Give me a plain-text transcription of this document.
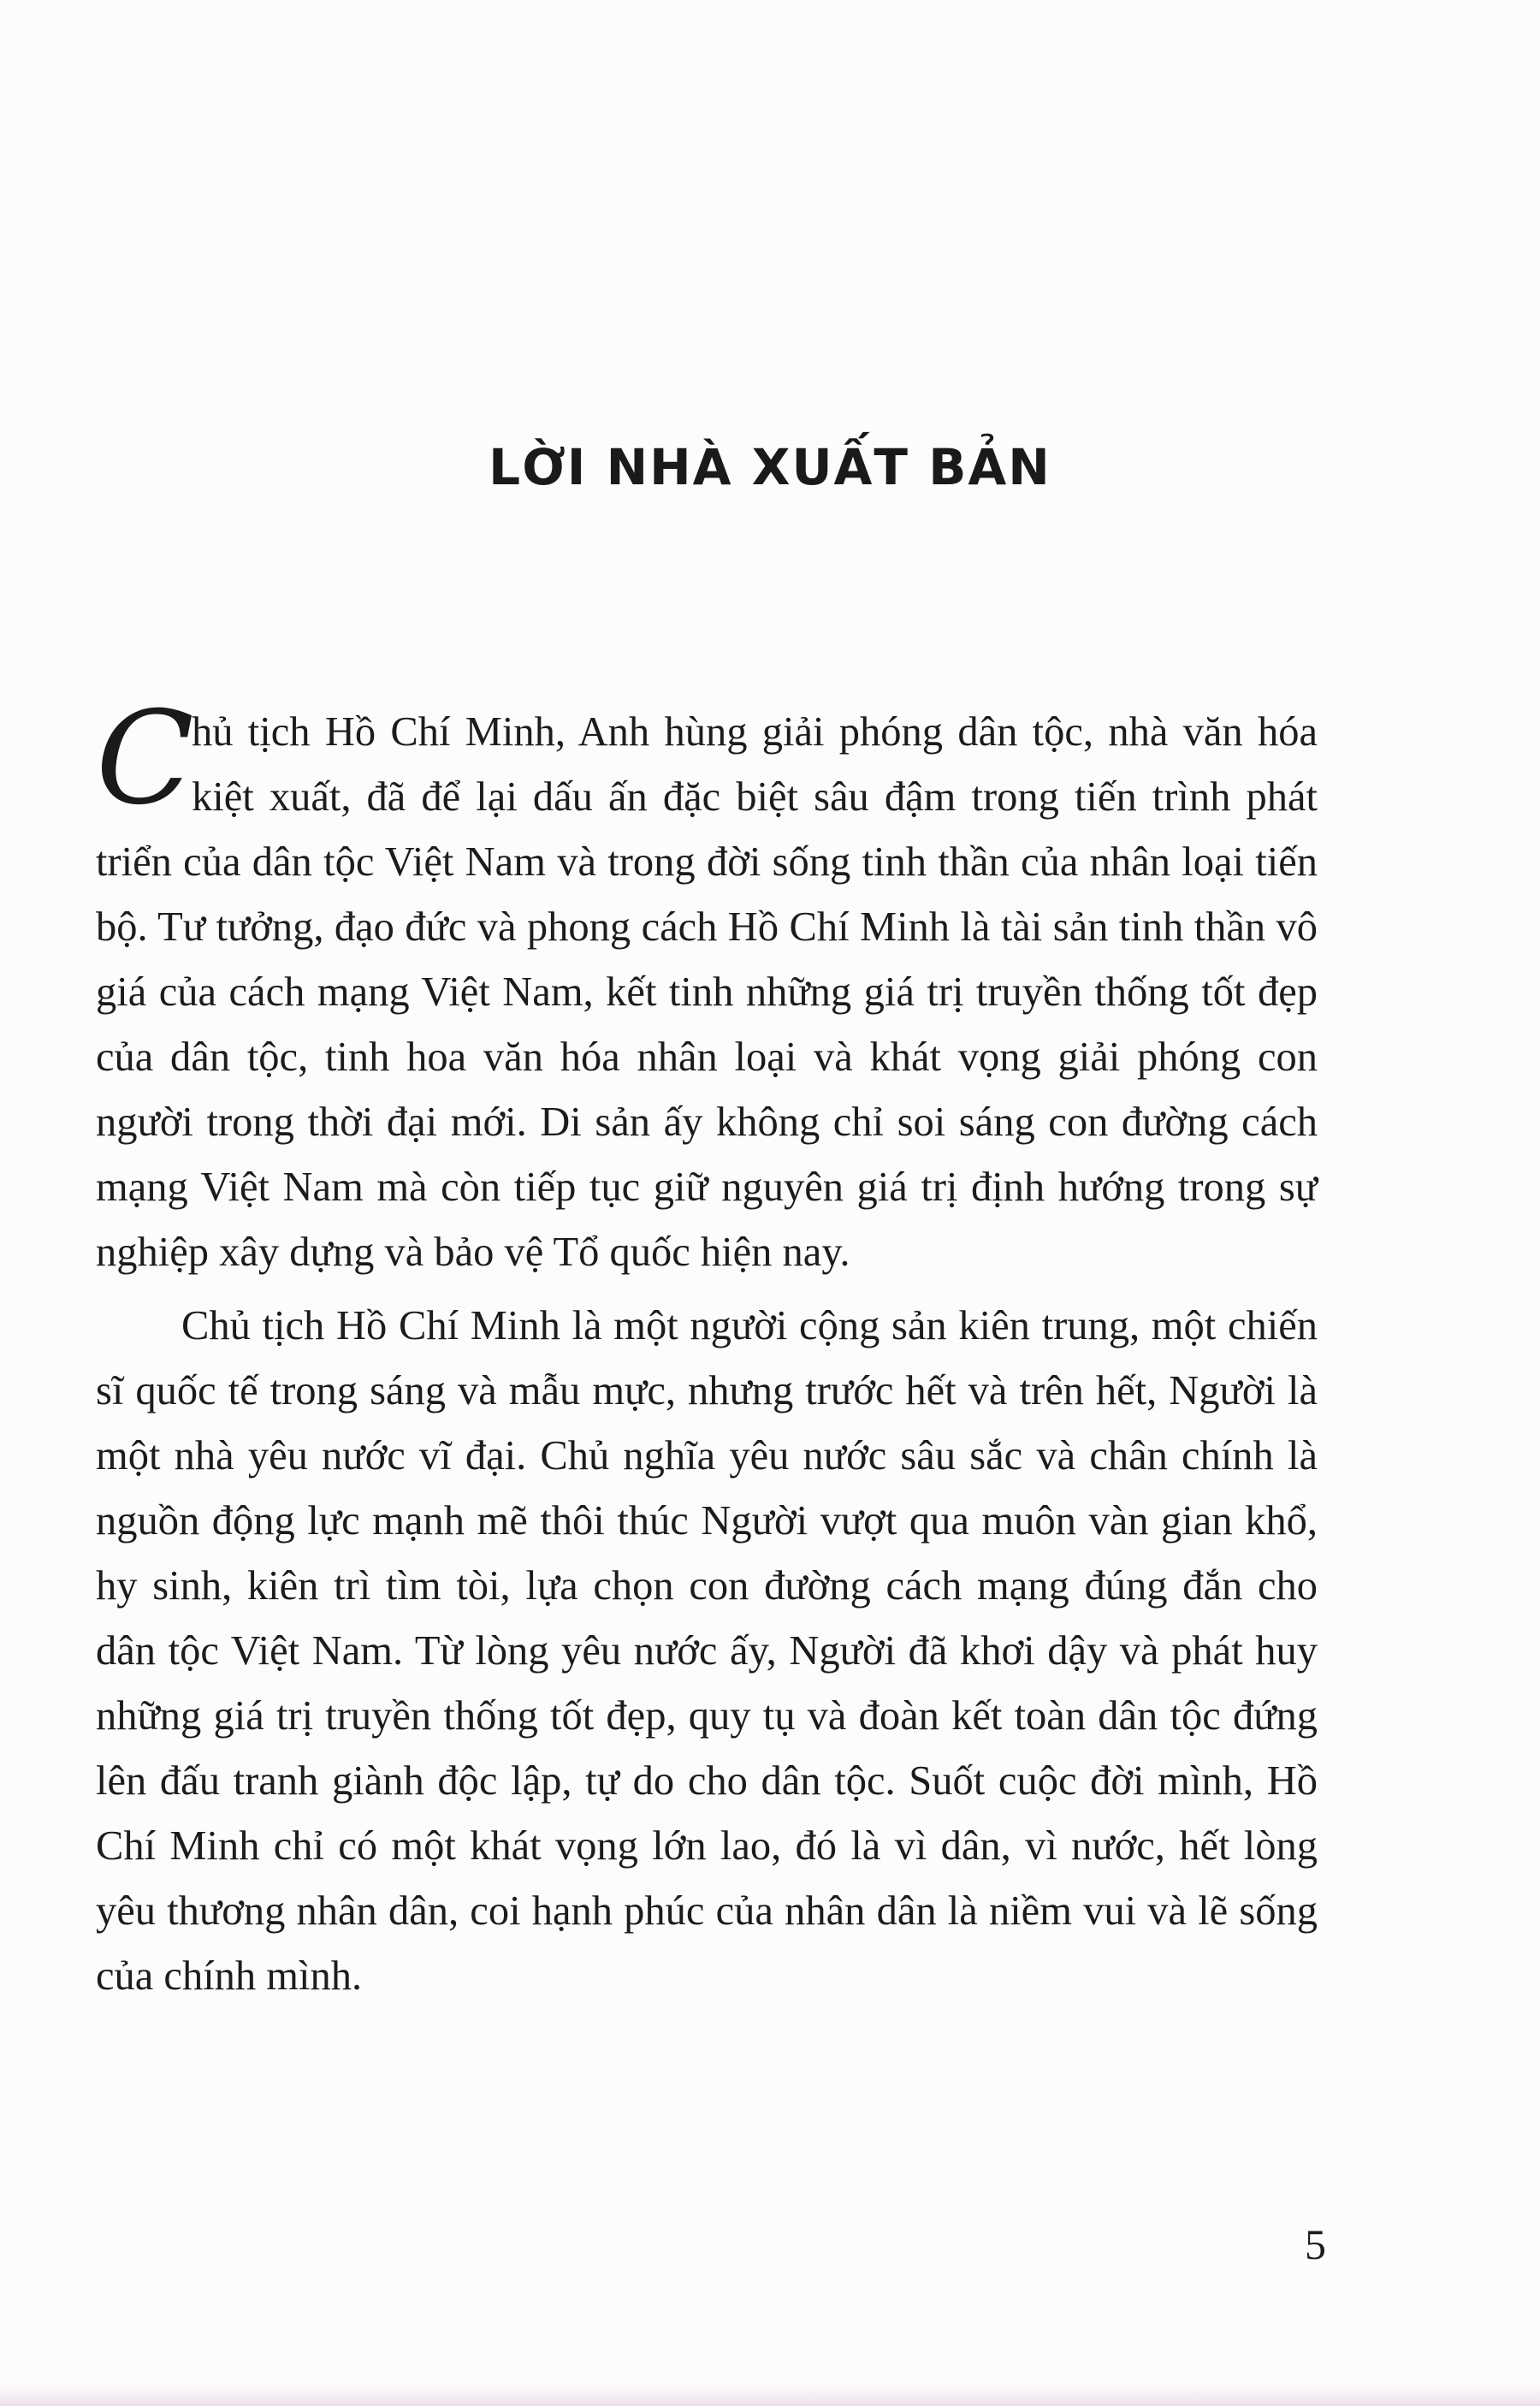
LỜI NHÀ XUẤT BẢN

C
hủ tịch Hồ Chí Minh, Anh hùng giải phóng dân tộc, nhà văn hóa kiệt xuất, đã để lại dấu ấn đặc biệt sâu đậm trong tiến trình phát triển của dân tộc Việt Nam và trong đời sống tinh thần của nhân loại tiến bộ. Tư tưởng, đạo đức và phong cách Hồ Chí Minh là tài sản tinh thần vô giá của cách mạng Việt Nam, kết tinh những giá trị truyền thống tốt đẹp của dân tộc, tinh hoa văn hóa nhân loại và khát vọng giải phóng con người trong thời đại mới. Di sản ấy không chỉ soi sáng con đường cách mạng Việt Nam mà còn tiếp tục giữ nguyên giá trị định hướng trong sự nghiệp xây dựng và bảo vệ Tổ quốc hiện nay.

Chủ tịch Hồ Chí Minh là một người cộng sản kiên trung, một chiến sĩ quốc tế trong sáng và mẫu mực, nhưng trước hết và trên hết, Người là một nhà yêu nước vĩ đại. Chủ nghĩa yêu nước sâu sắc và chân chính là nguồn động lực mạnh mẽ thôi thúc Người vượt qua muôn vàn gian khổ, hy sinh, kiên trì tìm tòi, lựa chọn con đường cách mạng đúng đắn cho dân tộc Việt Nam. Từ lòng yêu nước ấy, Người đã khơi dậy và phát huy những giá trị truyền thống tốt đẹp, quy tụ và đoàn kết toàn dân tộc đứng lên đấu tranh giành độc lập, tự do cho dân tộc. Suốt cuộc đời mình, Hồ Chí Minh chỉ có một khát vọng lớn lao, đó là vì dân, vì nước, hết lòng yêu thương nhân dân, coi hạnh phúc của nhân dân là niềm vui và lẽ sống của chính mình.

5
